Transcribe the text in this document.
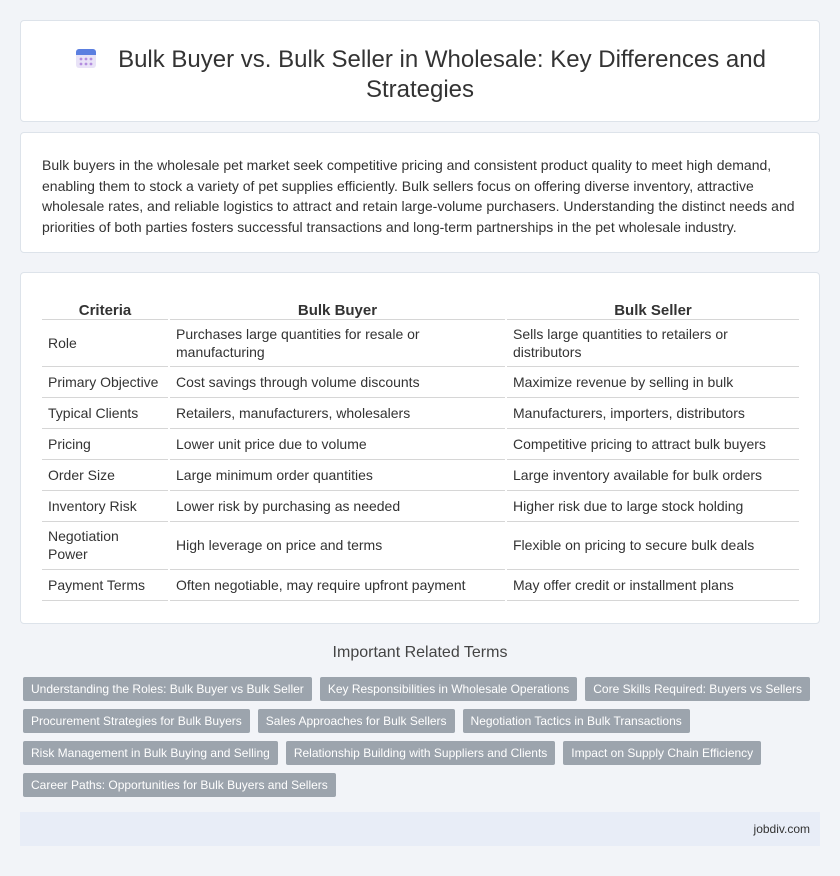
Bulk Buyer vs. Bulk Seller in Wholesale: Key Differences and Strategies

Bulk buyers in the wholesale pet market seek competitive pricing and consistent product quality to meet high demand, enabling them to stock a variety of pet supplies efficiently. Bulk sellers focus on offering diverse inventory, attractive wholesale rates, and reliable logistics to attract and retain large-volume purchasers. Understanding the distinct needs and priorities of both parties fosters successful transactions and long-term partnerships in the pet wholesale industry.

Criteria	Bulk Buyer	Bulk Seller
Role	Purchases large quantities for resale or manufacturing	Sells large quantities to retailers or distributors
Primary Objective	Cost savings through volume discounts	Maximize revenue by selling in bulk
Typical Clients	Retailers, manufacturers, wholesalers	Manufacturers, importers, distributors
Pricing	Lower unit price due to volume	Competitive pricing to attract bulk buyers
Order Size	Large minimum order quantities	Large inventory available for bulk orders
Inventory Risk	Lower risk by purchasing as needed	Higher risk due to large stock holding
Negotiation Power	High leverage on price and terms	Flexible on pricing to secure bulk deals
Payment Terms	Often negotiable, may require upfront payment	May offer credit or installment plans
Important Related Terms
Understanding the Roles: Bulk Buyer vs Bulk Seller	Key Responsibilities in Wholesale Operations	Core Skills Required: Buyers vs Sellers
Procurement Strategies for Bulk Buyers	Sales Approaches for Bulk Sellers	Negotiation Tactics in Bulk Transactions
Risk Management in Bulk Buying and Selling	Relationship Building with Suppliers and Clients	Impact on Supply Chain Efficiency
Career Paths: Opportunities for Bulk Buyers and Sellers
jobdiv.com
